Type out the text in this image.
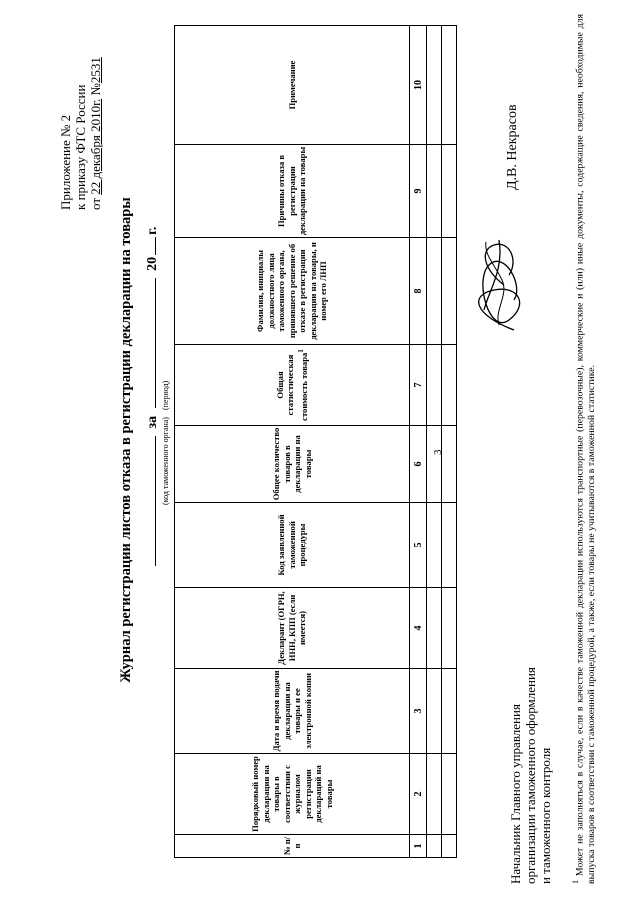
3
Приложение № 2 к приказу ФТС России от 22 декабря 2010г. №2531
Журнал регистрации листов отказа в регистрации декларации на товары за  20г.
(код таможенного органа)
(период)
№ п/п	Порядковый номер декларации на товары в соответствии с журналом регистрации деклараций на товары	Дата и время подачи декларации на товары и ее электронной копии	Декларант (ОГРН, ИНН, КПП (если имеется)	Код заявленной таможенной процедуры	Общее количество товаров в декларации на товары	Общая статистическая стоимость товара$^1$	Фамилия, инициалы должностного лица таможенного органа, принявшего решение об отказе в регистрации декларации на товары, и номер его ЛНП	Причины отказа в регистрации декларации на товары	Примечание
1	2	3	4	5	6	7	8	9	10

Начальник Главного управления организации таможенного оформления и таможенного контроля
Д.В. Некрасов
$^1$ Может не заполняться в случае, если в качестве таможенной декларации используются транспортные (перевозочные), коммерческие и (или) иные документы, содержащие сведения, необходимые для выпуска товаров в соответствии с таможенной процедурой, а также, если товары не учитываются в таможенной статистике.
